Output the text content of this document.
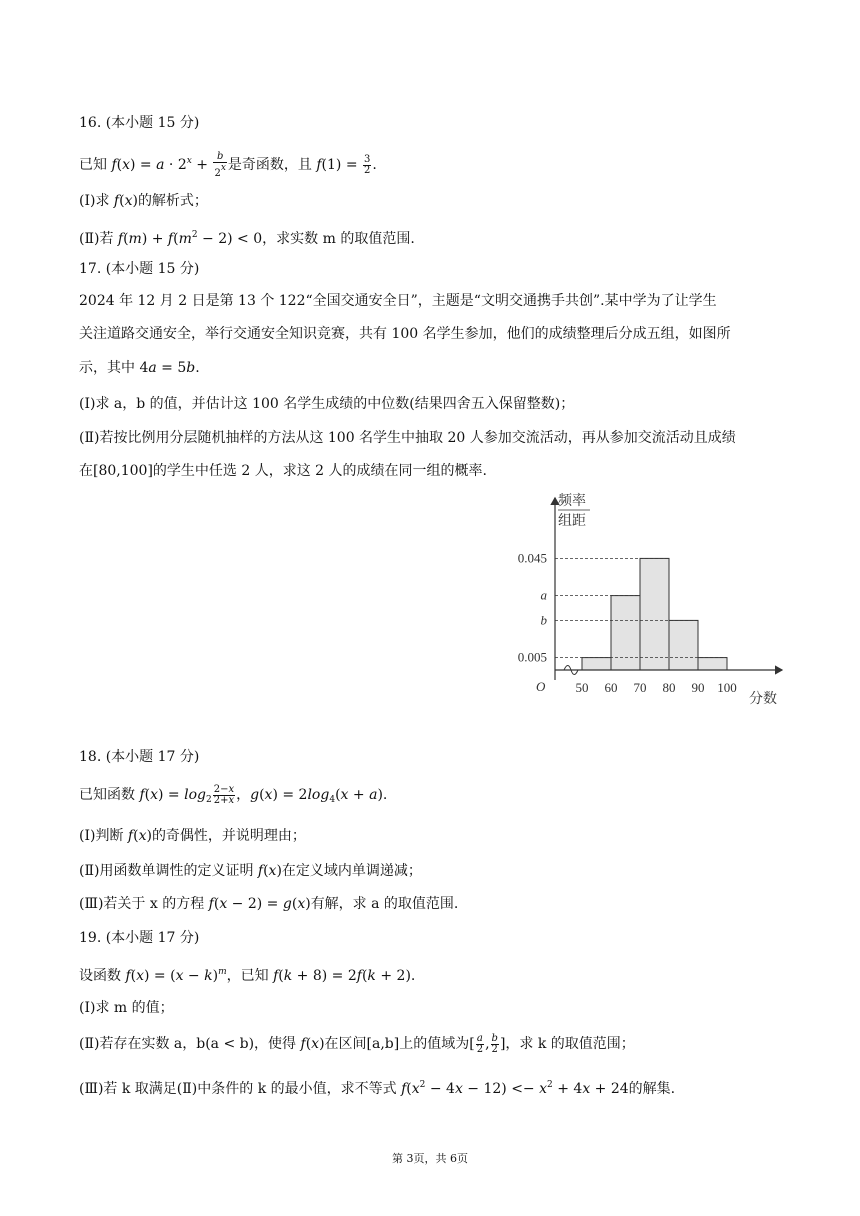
16. (本小题 15 分)
已知 $f(x) = a \cdot 2^x + \frac{b}{2^x}$ 是奇函数，且 $f(1) = \frac{3}{2}$ .
(Ⅰ)求 f(x)的解析式；
(Ⅱ)若 $f(m) + f(m^2 - 2) < 0$，求实数 m 的取值范围.
17. (本小题 15 分)
2024 年 12 月 2 日是第 13 个 122“全国交通安全日”，主题是“文明交通携手共创”.某中学为了让学生
关注道路交通安全，举行交通安全知识竞赛，共有 100 名学生参加，他们的成绩整理后分成五组，如图所
示，其中 4a = 5b.
(Ⅰ)求 a，b 的值，并估计这 100 名学生成绩的中位数(结果四舍五入保留整数)；
(Ⅱ)若按比例用分层随机抽样的方法从这 100 名学生中抽取 20 人参加交流活动，再从参加交流活动且成绩
在[80,100]的学生中任选 2 人，求这 2 人的成绩在同一组的概率.
频率
组距
O
分数
50 60 70 80 90 100
0.045
a
b
0.005
18. (本小题 17 分)
已知函数 $f(x) = \log_2 \frac{2-x}{2+x}$ ，$g(x) = 2\log_4(x + a)$.
(Ⅰ)判断 f(x)的奇偶性，并说明理由；
(Ⅱ)用函数单调性的定义证明 f(x)在定义域内单调递减；
(Ⅲ)若关于 x 的方程 f(x − 2) = g(x)有解，求 a 的取值范围.
19. (本小题 17 分)
设函数 $f(x) = (x - k)^m$，已知 f(k + 8) = 2f(k + 2).
(Ⅰ)求 m 的值；
(Ⅱ)若存在实数 a，b(a < b)，使得 f(x)在区间[a,b]上的值域为[ $\frac{a}{2}$ , $\frac{b}{2}$ ]，求 k 的取值范围；
(Ⅲ)若 k 取满足(Ⅱ)中条件的 k 的最小值，求不等式 $f(x^2 - 4x - 12) <- x^2 + 4x + 24$的解集.
第 3页，共 6页
